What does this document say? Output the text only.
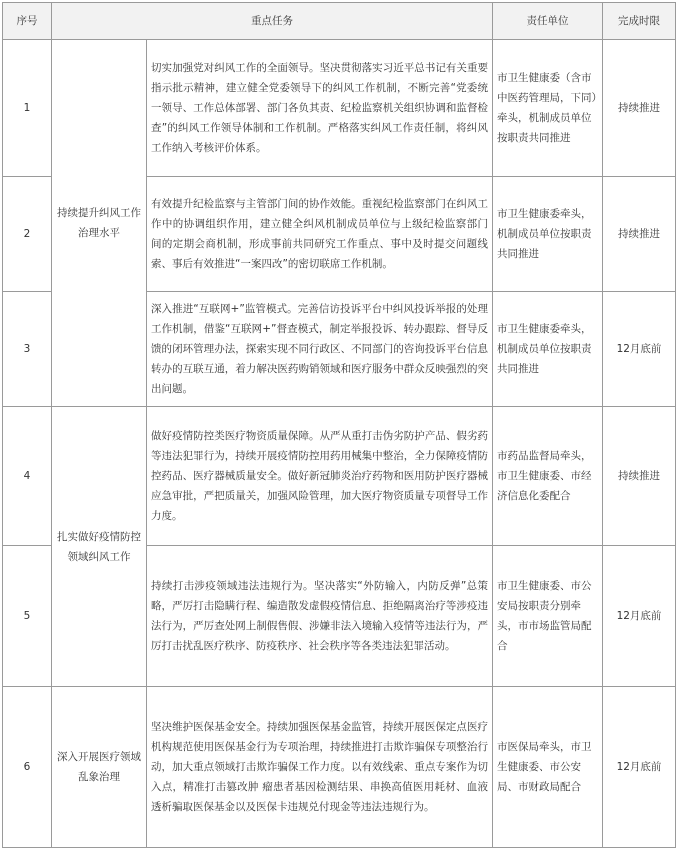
序号	重点任务		责任单位	完成时限
1	持续提升纠风工作治理水平	切实加强党对纠风工作的全面领导。坚决贯彻落实习近平总书记有关重要指示批示精神，建立健全党委领导下的纠风工作机制，不断完善“党委统一领导、工作总体部署、部门各负其责、纪检监察机关组织协调和监督检查”的纠风工作领导体制和工作机制。严格落实纠风工作责任制，将纠风工作纳入考核评价体系。	市卫生健康委（含市中医药管理局，下同）牵头，机制成员单位按职责共同推进	持续推进
2		有效提升纪检监察与主管部门间的协作效能。重视纪检监察部门在纠风工作中的协调组织作用，建立健全纠风机制成员单位与上级纪检监察部门　间的定期会商机制，形成事前共同研究工作重点、事中及时提交问题线索、事后有效推进“一案四改”的密切联席工作机制。	市卫生健康委牵头，机制成员单位按职责共同推进	持续推进
3		深入推进“互联网+”监管模式。完善信访投诉平台中纠风投诉举报的处理工作机制，借鉴“互联网+”督查模式，制定举报投诉、转办跟踪、督导反馈的闭环管理办法，探索实现不同行政区、不同部门的咨询投诉平台信息转办的互联互通，着力解决医药购销领域和医疗服务中群众反映强烈的突出问题。	市卫生健康委牵头，机制成员单位按职责共同推进	12月底前
4	扎实做好疫情防控领域纠风工作	做好疫情防控类医疗物资质量保障。从严从重打击伪劣防护产品、假劣药等违法犯罪行为，持续开展疫情防控用药用械集中整治，全力保障疫情防控药品、医疗器械质量安全。做好新冠肺炎治疗药物和医用防护医疗器械应急审批，严把质量关，加强风险管理，加大医疗物资质量专项督导工作力度。	市药品监督局牵头，市卫生健康委、市经济信息化委配合	持续推进
5		持续打击涉疫领域违法违规行为。坚决落实“外防输入，内防反弹”总策略，严厉打击隐瞒行程、编造散发虚假疫情信息、拒绝隔离治疗等涉疫违法行为，严厉查处网上制假售假、涉嫌非法入境输入疫情等违法行为，严厉打击扰乱医疗秩序、防疫秩序、社会秩序等各类违法犯罪活动。	市卫生健康委、市公安局按职责分别牵头，市市场监管局配合	12月底前
6	深入开展医疗领域乱象治理	坚决维护医保基金安全。持续加强医保基金监管，持续开展医保定点医疗机构规范使用医保基金行为专项治理，持续推进打击欺诈骗保专项整治行动，加大重点领域打击欺诈骗保工作力度。以有效线索、重点专案作为切入点，精准打击篡改肿 瘤患者基因检测结果、串换高值医用耗材、血液透析骗取医保基金以及医保卡违规兑付现金等违法违规行为。	市医保局牵头，市卫生健康委、市公安局、市财政局配合	12月底前
